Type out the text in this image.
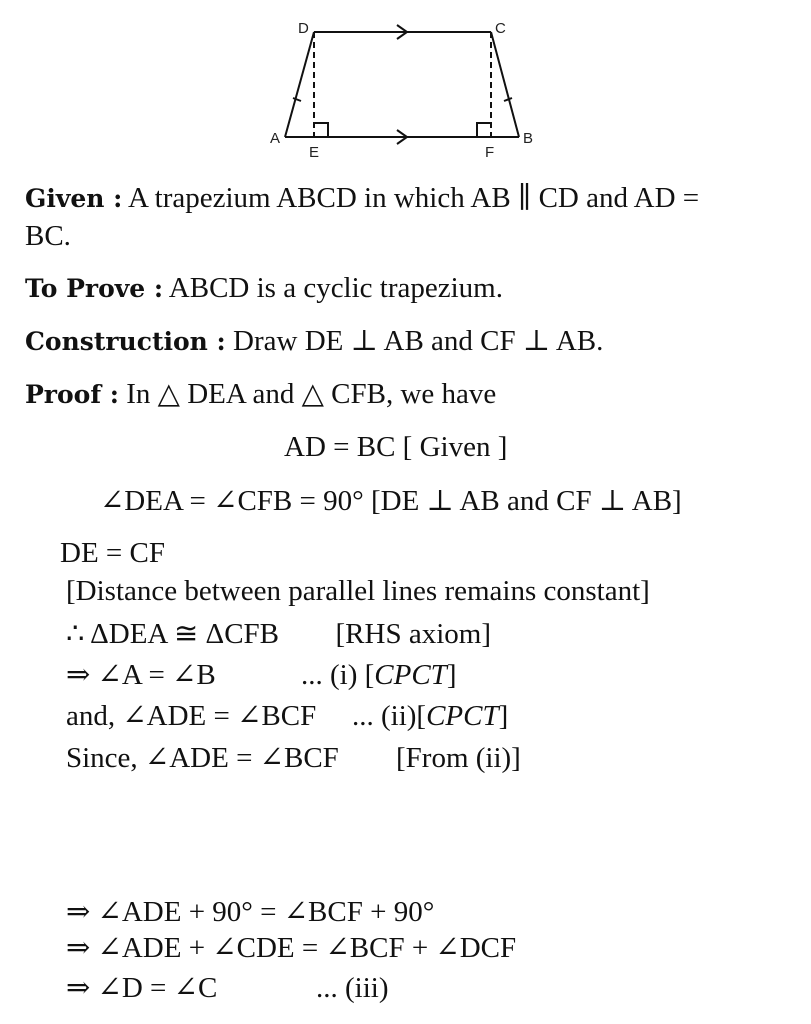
A	B
C
D
E	F
Given : A trapezium ABCD in which AB ∥ CD and AD =
BC.
To Prove : ABCD is a cyclic trapezium.
Construction : Draw DE ⊥ AB and CF ⊥ AB.
Proof : In △ DEA and △ CFB, we have
AD = BC [ Given ]
∠DEA = ∠CFB = 90° [DE ⊥ AB and CF ⊥ AB]
DE = CF
[Distance between parallel lines remains constant]
∴ ΔDEA ≅ ΔCFB [RHS axiom]
⇒ ∠A = ∠B	... (i) [CPCT]
and, ∠ADE = ∠BCF ... (ii)[CPCT]
Since, ∠ADE = ∠BCF [From (ii)]
⇒ ∠ADE + 90° = ∠BCF + 90°
⇒ ∠ADE + ∠CDE = ∠BCF + ∠DCF
⇒ ∠D = ∠C	... (iii)
